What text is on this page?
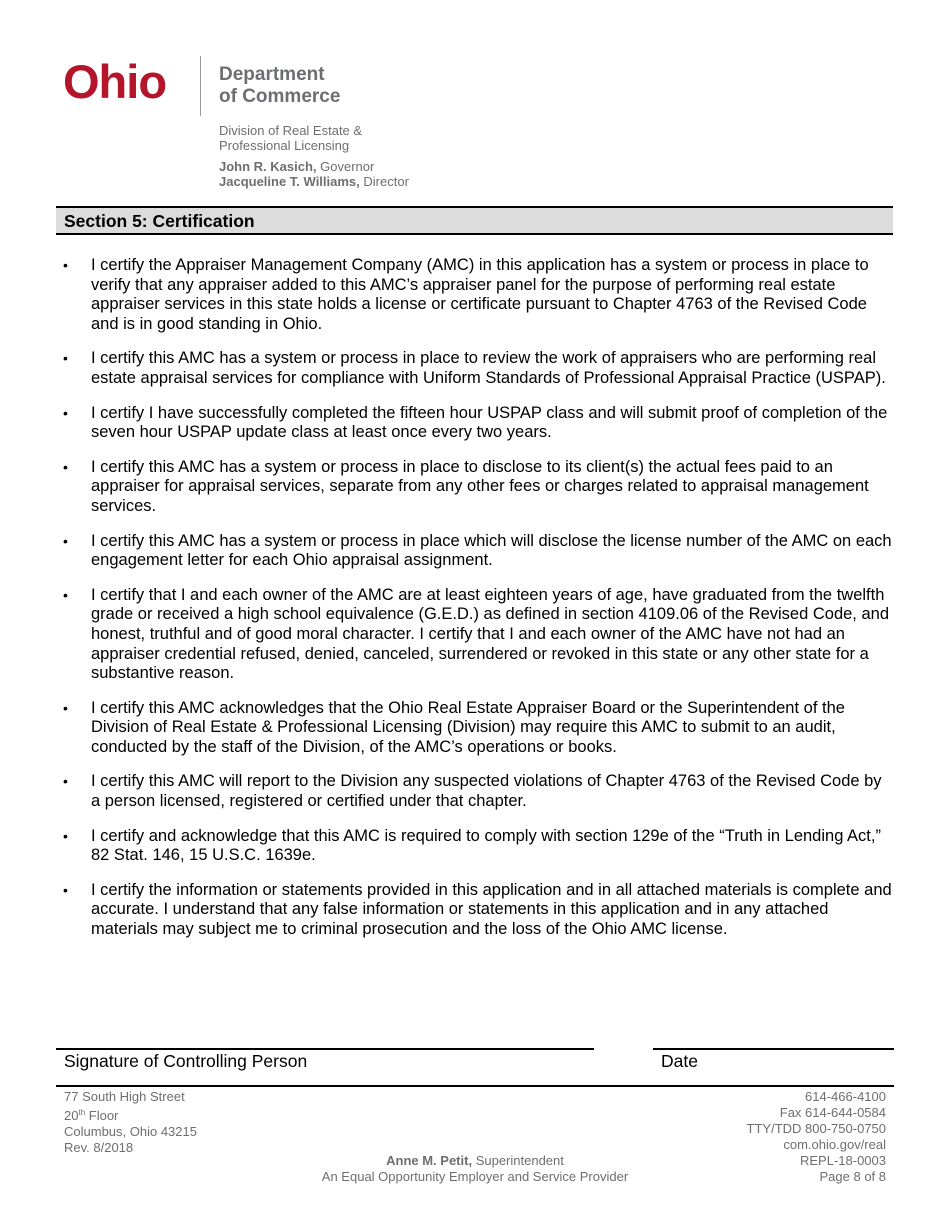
Ohio	Department
of Commerce
Division of Real Estate &
Professional Licensing
John R. Kasich, Governor
Jacqueline T. Williams, Director
Section 5: Certification
• I certify the Appraiser Management Company (AMC) in this application has a system or process in place to verify that any appraiser added to this AMC’s appraiser panel for the purpose of performing real estate appraiser services in this state holds a license or certificate pursuant to Chapter 4763 of the Revised Code and is in good standing in Ohio.
• I certify this AMC has a system or process in place to review the work of appraisers who are performing real estate appraisal services for compliance with Uniform Standards of Professional Appraisal Practice (USPAP).
• I certify I have successfully completed the fifteen hour USPAP class and will submit proof of completion of the seven hour USPAP update class at least once every two years.
• I certify this AMC has a system or process in place to disclose to its client(s) the actual fees paid to an appraiser for appraisal services, separate from any other fees or charges related to appraisal management services.
• I certify this AMC has a system or process in place which will disclose the license number of the AMC on each engagement letter for each Ohio appraisal assignment.
• I certify that I and each owner of the AMC are at least eighteen years of age, have graduated from the twelfth grade or received a high school equivalence (G.E.D.) as defined in section 4109.06 of the Revised Code, and honest, truthful and of good moral character. I certify that I and each owner of the AMC have not had an appraiser credential refused, denied, canceled, surrendered or revoked in this state or any other state for a substantive reason.
• I certify this AMC acknowledges that the Ohio Real Estate Appraiser Board or the Superintendent of the Division of Real Estate & Professional Licensing (Division) may require this AMC to submit to an audit, conducted by the staff of the Division, of the AMC’s operations or books.
• I certify this AMC will report to the Division any suspected violations of Chapter 4763 of the Revised Code by a person licensed, registered or certified under that chapter.
• I certify and acknowledge that this AMC is required to comply with section 129e of the “Truth in Lending Act,” 82 Stat. 146, 15 U.S.C. 1639e.
• I certify the information or statements provided in this application and in all attached materials is complete and accurate. I understand that any false information or statements in this application and in any attached materials may subject me to criminal prosecution and the loss of the Ohio AMC license.
Signature of Controlling Person	Date
77 South High Street
20th Floor
Columbus, Ohio 43215
Rev. 8/2018
614-466-4100
Fax 614-644-0584
TTY/TDD 800-750-0750
com.ohio.gov/real
REPL-18-0003
Page 8 of 8
Anne M. Petit, Superintendent
An Equal Opportunity Employer and Service Provider
